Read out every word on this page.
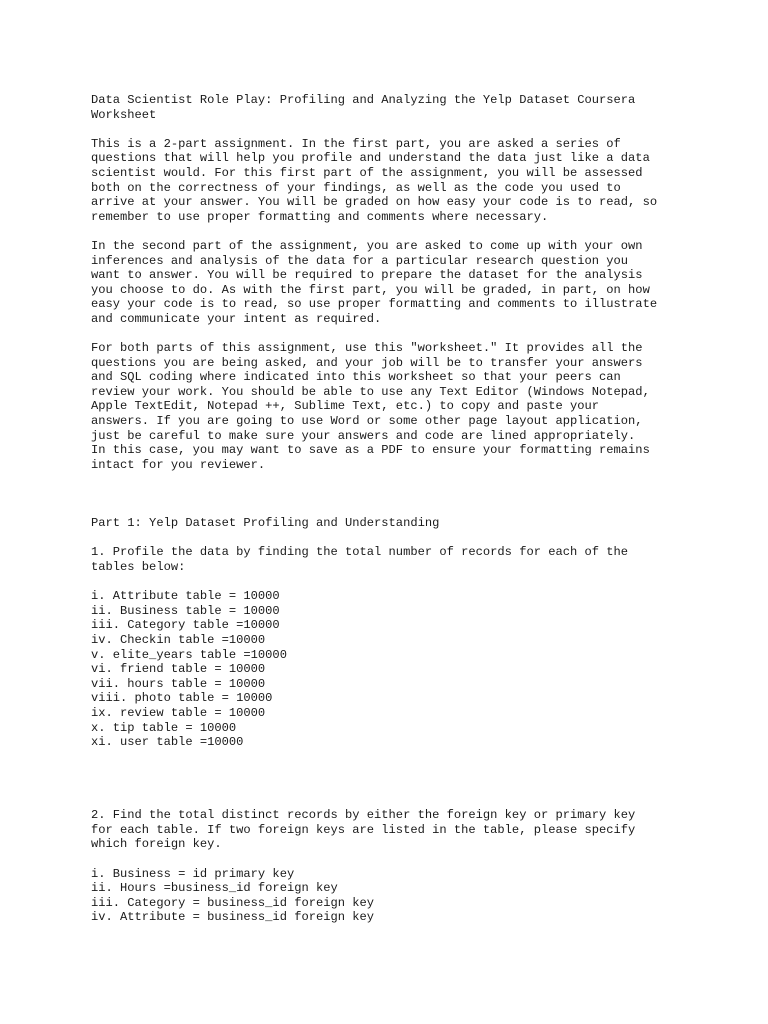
Data Scientist Role Play: Profiling and Analyzing the Yelp Dataset Coursera
Worksheet

This is a 2-part assignment. In the first part, you are asked a series of
questions that will help you profile and understand the data just like a data
scientist would. For this first part of the assignment, you will be assessed
both on the correctness of your findings, as well as the code you used to
arrive at your answer. You will be graded on how easy your code is to read, so
remember to use proper formatting and comments where necessary.

In the second part of the assignment, you are asked to come up with your own
inferences and analysis of the data for a particular research question you
want to answer. You will be required to prepare the dataset for the analysis
you choose to do. As with the first part, you will be graded, in part, on how
easy your code is to read, so use proper formatting and comments to illustrate
and communicate your intent as required.

For both parts of this assignment, use this "worksheet." It provides all the
questions you are being asked, and your job will be to transfer your answers
and SQL coding where indicated into this worksheet so that your peers can
review your work. You should be able to use any Text Editor (Windows Notepad,
Apple TextEdit, Notepad ++, Sublime Text, etc.) to copy and paste your
answers. If you are going to use Word or some other page layout application,
just be careful to make sure your answers and code are lined appropriately.
In this case, you may want to save as a PDF to ensure your formatting remains
intact for you reviewer.

Part 1: Yelp Dataset Profiling and Understanding

1. Profile the data by finding the total number of records for each of the
tables below:

i. Attribute table = 10000
ii. Business table = 10000
iii. Category table =10000
iv. Checkin table =10000
v. elite_years table =10000
vi. friend table = 10000
vii. hours table = 10000
viii. photo table = 10000
ix. review table = 10000
x. tip table = 10000
xi. user table =10000

2. Find the total distinct records by either the foreign key or primary key
for each table. If two foreign keys are listed in the table, please specify
which foreign key.

i. Business = id primary key
ii. Hours =business_id foreign key
iii. Category = business_id foreign key
iv. Attribute = business_id foreign key
